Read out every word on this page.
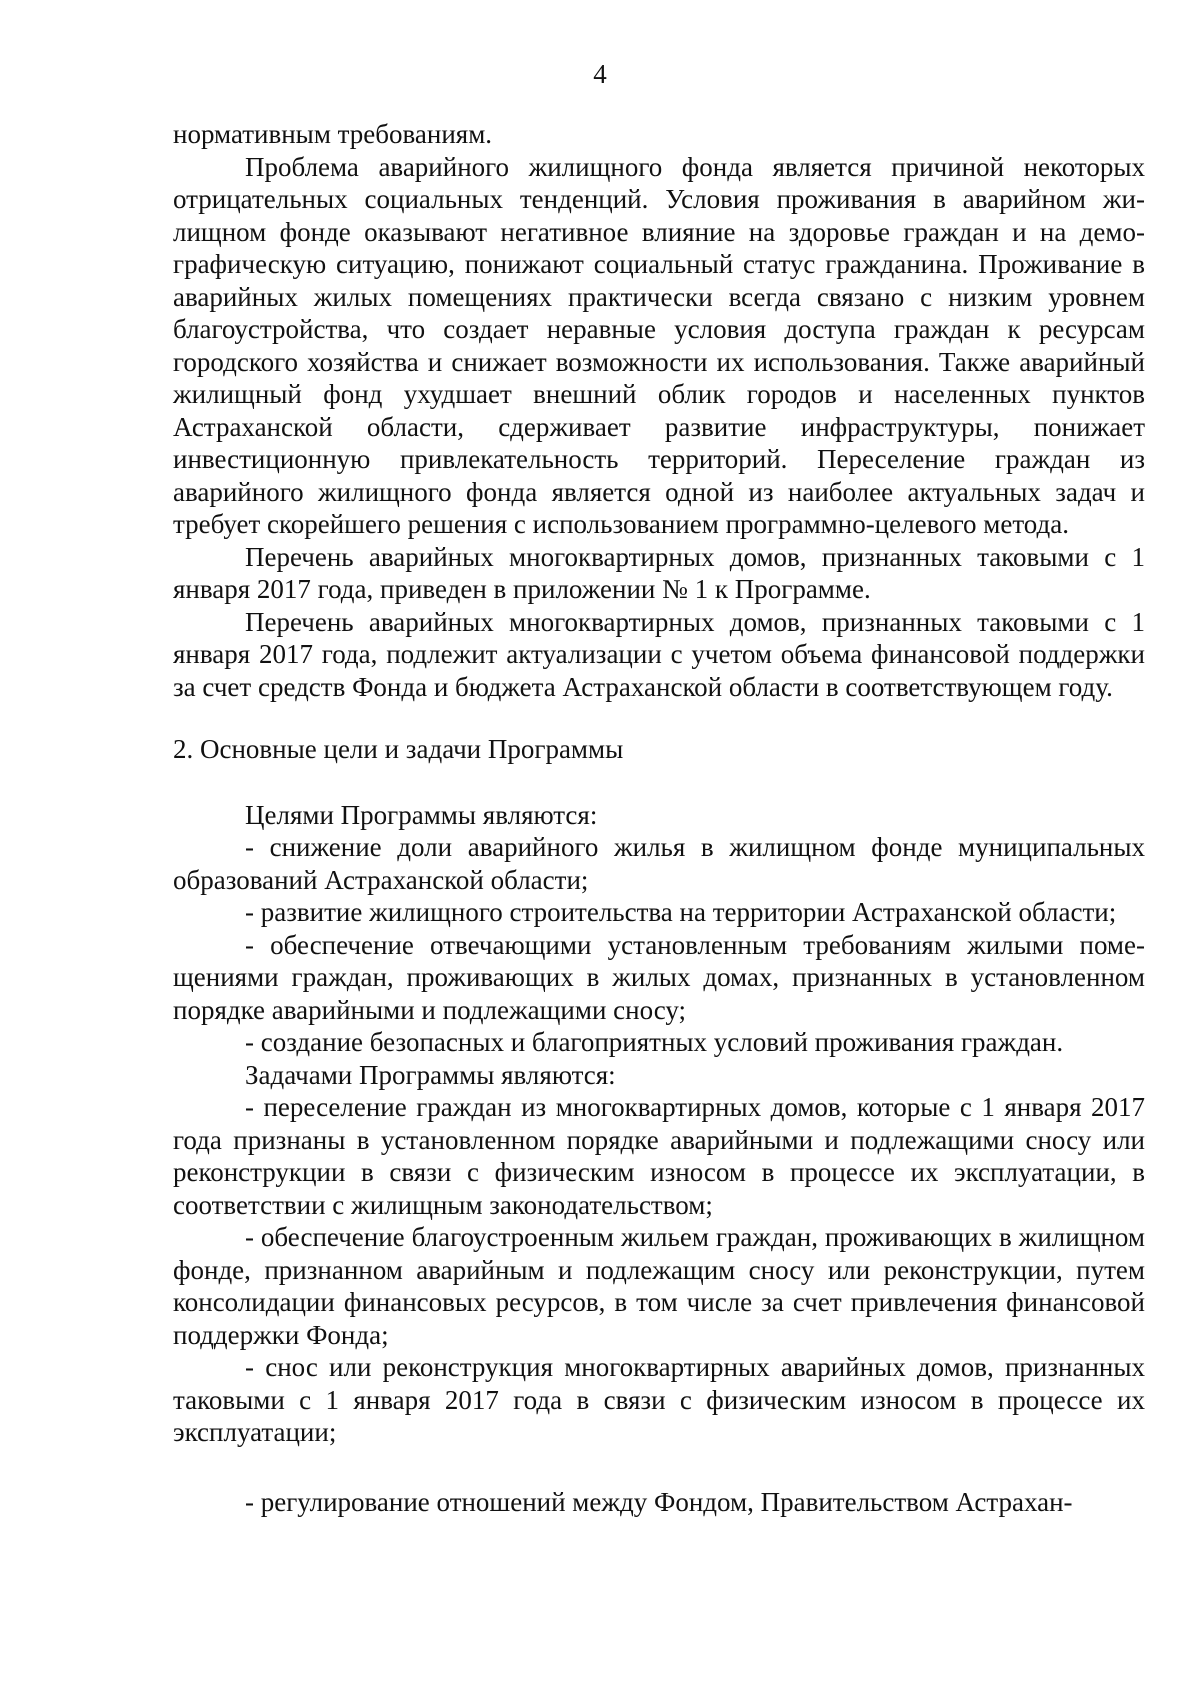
4

нормативным требованиям.

Проблема аварийного жилищного фонда является причиной некоторых отрицательных социальных тенденций. Условия проживания в аварийном жилищном фонде оказывают негативное влияние на здоровье граждан и на демографическую ситуацию, понижают социальный статус гражданина. Проживание в аварийных жилых помещениях практически всегда связано с низким уровнем благоустройства, что создает неравные условия доступа граждан к ресурсам городского хозяйства и снижает возможности их использования. Также аварийный жилищный фонд ухудшает внешний облик городов и населенных пунктов Астраханской области, сдерживает развитие инфраструктуры, понижает инвестиционную привлекательность территорий. Переселение граждан из аварийного жилищного фонда является одной из наиболее актуальных задач и требует скорейшего решения с использованием программно-целевого метода.

Перечень аварийных многоквартирных домов, признанных таковыми с 1 января 2017 года, приведен в приложении № 1 к Программе.

Перечень аварийных многоквартирных домов, признанных таковыми с 1 января 2017 года, подлежит актуализации с учетом объема финансовой поддержки за счет средств Фонда и бюджета Астраханской области в соответствующем году.

2. Основные цели и задачи Программы

Целями Программы являются:

- снижение доли аварийного жилья в жилищном фонде муниципальных образований Астраханской области;

- развитие жилищного строительства на территории Астраханской области;

- обеспечение отвечающими установленным требованиям жилыми помещениями граждан, проживающих в жилых домах, признанных в установленном порядке аварийными и подлежащими сносу;

- создание безопасных и благоприятных условий проживания граждан.

Задачами Программы являются:

- переселение граждан из многоквартирных домов, которые с 1 января 2017 года признаны в установленном порядке аварийными и подлежащими сносу или реконструкции в связи с физическим износом в процессе их эксплуатации, в соответствии с жилищным законодательством;

- обеспечение благоустроенным жильем граждан, проживающих в жилищном фонде, признанном аварийным и подлежащим сносу или реконструкции, путем консолидации финансовых ресурсов, в том числе за счет привлечения финансовой поддержки Фонда;

- снос или реконструкция многоквартирных аварийных домов, признанных таковыми с 1 января 2017 года в связи с физическим износом в процессе их эксплуатации;

- регулирование отношений между Фондом, Правительством Астрахан-
